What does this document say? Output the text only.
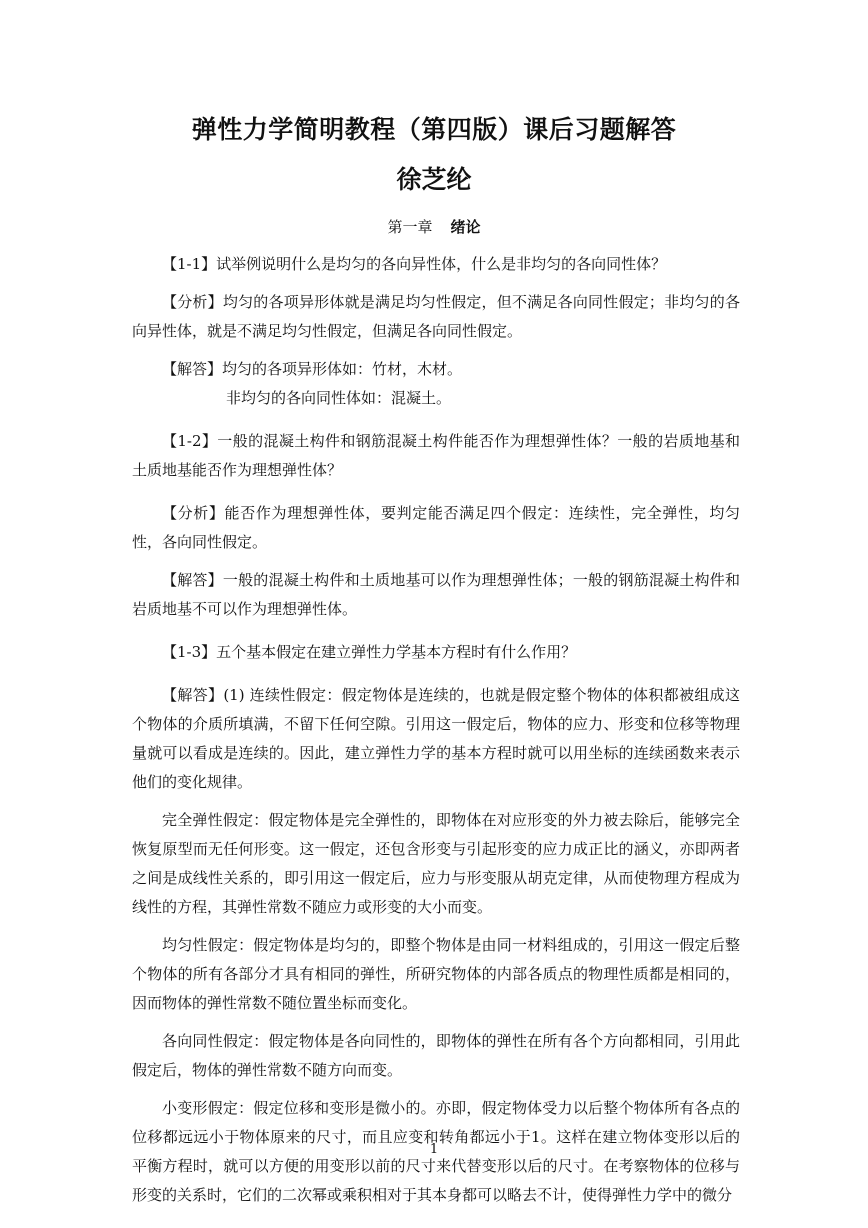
弹性力学简明教程（第四版）课后习题解答
徐芝纶
第一章 绪论

【1-1】试举例说明什么是均匀的各向异性体，什么是非均匀的各向同性体？

【分析】均匀的各项异形体就是满足均匀性假定，但不满足各向同性假定；非均匀的各向异性体，就是不满足均匀性假定，但满足各向同性假定。

【解答】均匀的各项异形体如：竹材，木材。

非均匀的各向同性体如：混凝土。

【1-2】一般的混凝土构件和钢筋混凝土构件能否作为理想弹性体？一般的岩质地基和土质地基能否作为理想弹性体？

【分析】能否作为理想弹性体，要判定能否满足四个假定：连续性，完全弹性，均匀性，各向同性假定。

【解答】一般的混凝土构件和土质地基可以作为理想弹性体；一般的钢筋混凝土构件和岩质地基不可以作为理想弹性体。

【1-3】五个基本假定在建立弹性力学基本方程时有什么作用？

【解答】(1) 连续性假定：假定物体是连续的，也就是假定整个物体的体积都被组成这个物体的介质所填满，不留下任何空隙。引用这一假定后，物体的应力、形变和位移等物理量就可以看成是连续的。因此，建立弹性力学的基本方程时就可以用坐标的连续函数来表示他们的变化规律。

完全弹性假定：假定物体是完全弹性的，即物体在对应形变的外力被去除后，能够完全恢复原型而无任何形变。这一假定，还包含形变与引起形变的应力成正比的涵义，亦即两者之间是成线性关系的，即引用这一假定后，应力与形变服从胡克定律，从而使物理方程成为线性的方程，其弹性常数不随应力或形变的大小而变。

均匀性假定：假定物体是均匀的，即整个物体是由同一材料组成的，引用这一假定后整个物体的所有各部分才具有相同的弹性，所研究物体的内部各质点的物理性质都是相同的，因而物体的弹性常数不随位置坐标而变化。

各向同性假定：假定物体是各向同性的，即物体的弹性在所有各个方向都相同，引用此假定后，物体的弹性常数不随方向而变。

小变形假定：假定位移和变形是微小的。亦即，假定物体受力以后整个物体所有各点的位移都远远小于物体原来的尺寸，而且应变和转角都远小于1。这样在建立物体变形以后的平衡方程时，就可以方便的用变形以前的尺寸来代替变形以后的尺寸。在考察物体的位移与形变的关系时，它们的二次幂或乘积相对于其本身都可以略去不计，使得弹性力学中的微分

1
